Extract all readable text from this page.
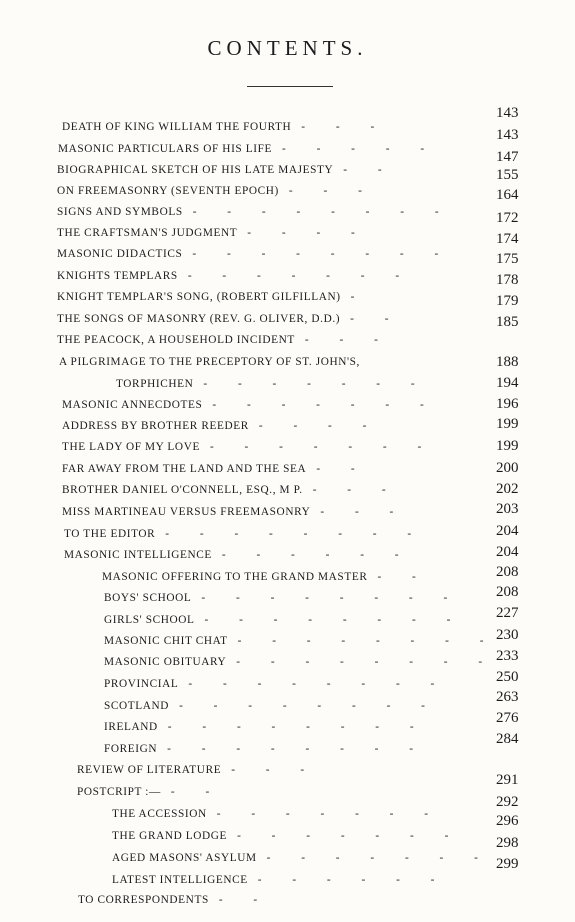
CONTENTS.
DEATH OF KING WILLIAM THE FOURTH - - -
MASONIC PARTICULARS OF HIS LIFE - - - - -
BIOGRAPHICAL SKETCH OF HIS LATE MAJESTY - -
ON FREEMASONRY (SEVENTH EPOCH) - - -
SIGNS AND SYMBOLS - - - - - - - -
THE CRAFTSMAN'S JUDGMENT - - - -
MASONIC DIDACTICS - - - - - - - -
KNIGHTS TEMPLARS - - - - - - -
KNIGHT TEMPLAR'S SONG, (ROBERT GILFILLAN) -
THE SONGS OF MASONRY (REV. G. OLIVER, D.D.) - -
THE PEACOCK, A HOUSEHOLD INCIDENT - - -
A PILGRIMAGE TO THE PRECEPTORY OF ST. JOHN'S,
TORPHICHEN - - - - - - -
MASONIC ANNECDOTES - - - - - - -
ADDRESS BY BROTHER REEDER - - - -
THE LADY OF MY LOVE - - - - - - -
FAR AWAY FROM THE LAND AND THE SEA - -
BROTHER DANIEL O'CONNELL, ESQ., M P. - - -
MISS MARTINEAU VERSUS FREEMASONRY - - -
TO THE EDITOR - - - - - - - -
MASONIC INTELLIGENCE - - - - - -
MASONIC OFFERING TO THE GRAND MASTER - -
BOYS' SCHOOL - - - - - - - -
GIRLS' SCHOOL - - - - - - - -
MASONIC CHIT CHAT - - - - - - - -
MASONIC OBITUARY - - - - - - - -
PROVINCIAL - - - - - - - -
SCOTLAND - - - - - - - -
IRELAND - - - - - - - -
FOREIGN - - - - - - - -
REVIEW OF LITERATURE - - -
POSTCRIPT :— - -
THE ACCESSION - - - - - - -
THE GRAND LODGE - - - - - - -
AGED MASONS' ASYLUM - - - - - - -
LATEST INTELLIGENCE - - - - - -
TO CORRESPONDENTS - -
143
143
147
155
164
172
174
175
178
179
185
188
194
196
199
199
200
202
203
204
204
208
208
227
230
233
250
263
276
284
291
292
296
298
299
